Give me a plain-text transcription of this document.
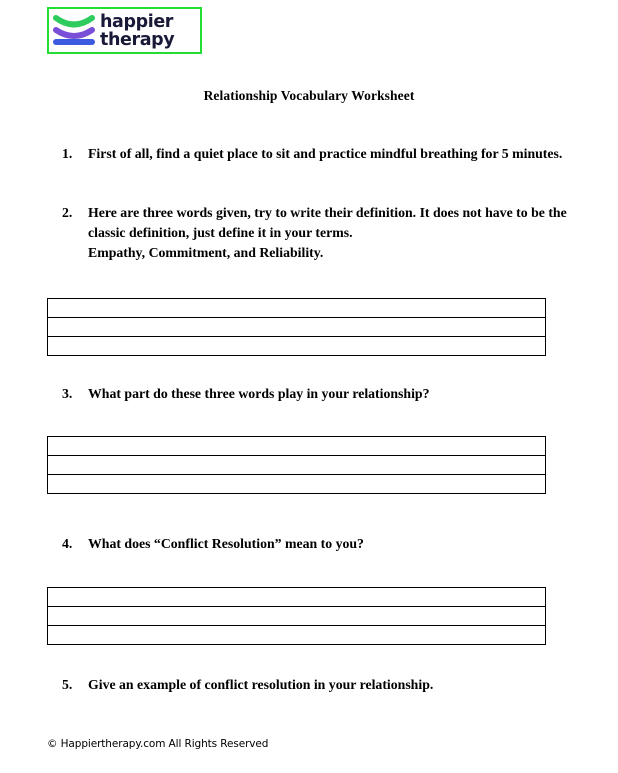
happier
therapy
Relationship Vocabulary Worksheet
1.	First of all, find a quiet place to sit and practice mindful breathing for 5 minutes.
2.	Here are three words given, try to write their definition. It does not have to be the classic definition, just define it in your terms.
Empathy, Commitment, and Reliability.

3.	What part do these three words play in your relationship?

4.	What does “Conflict Resolution” mean to you?

5.	Give an example of conflict resolution in your relationship.
© Happiertherapy.com All Rights Reserved
